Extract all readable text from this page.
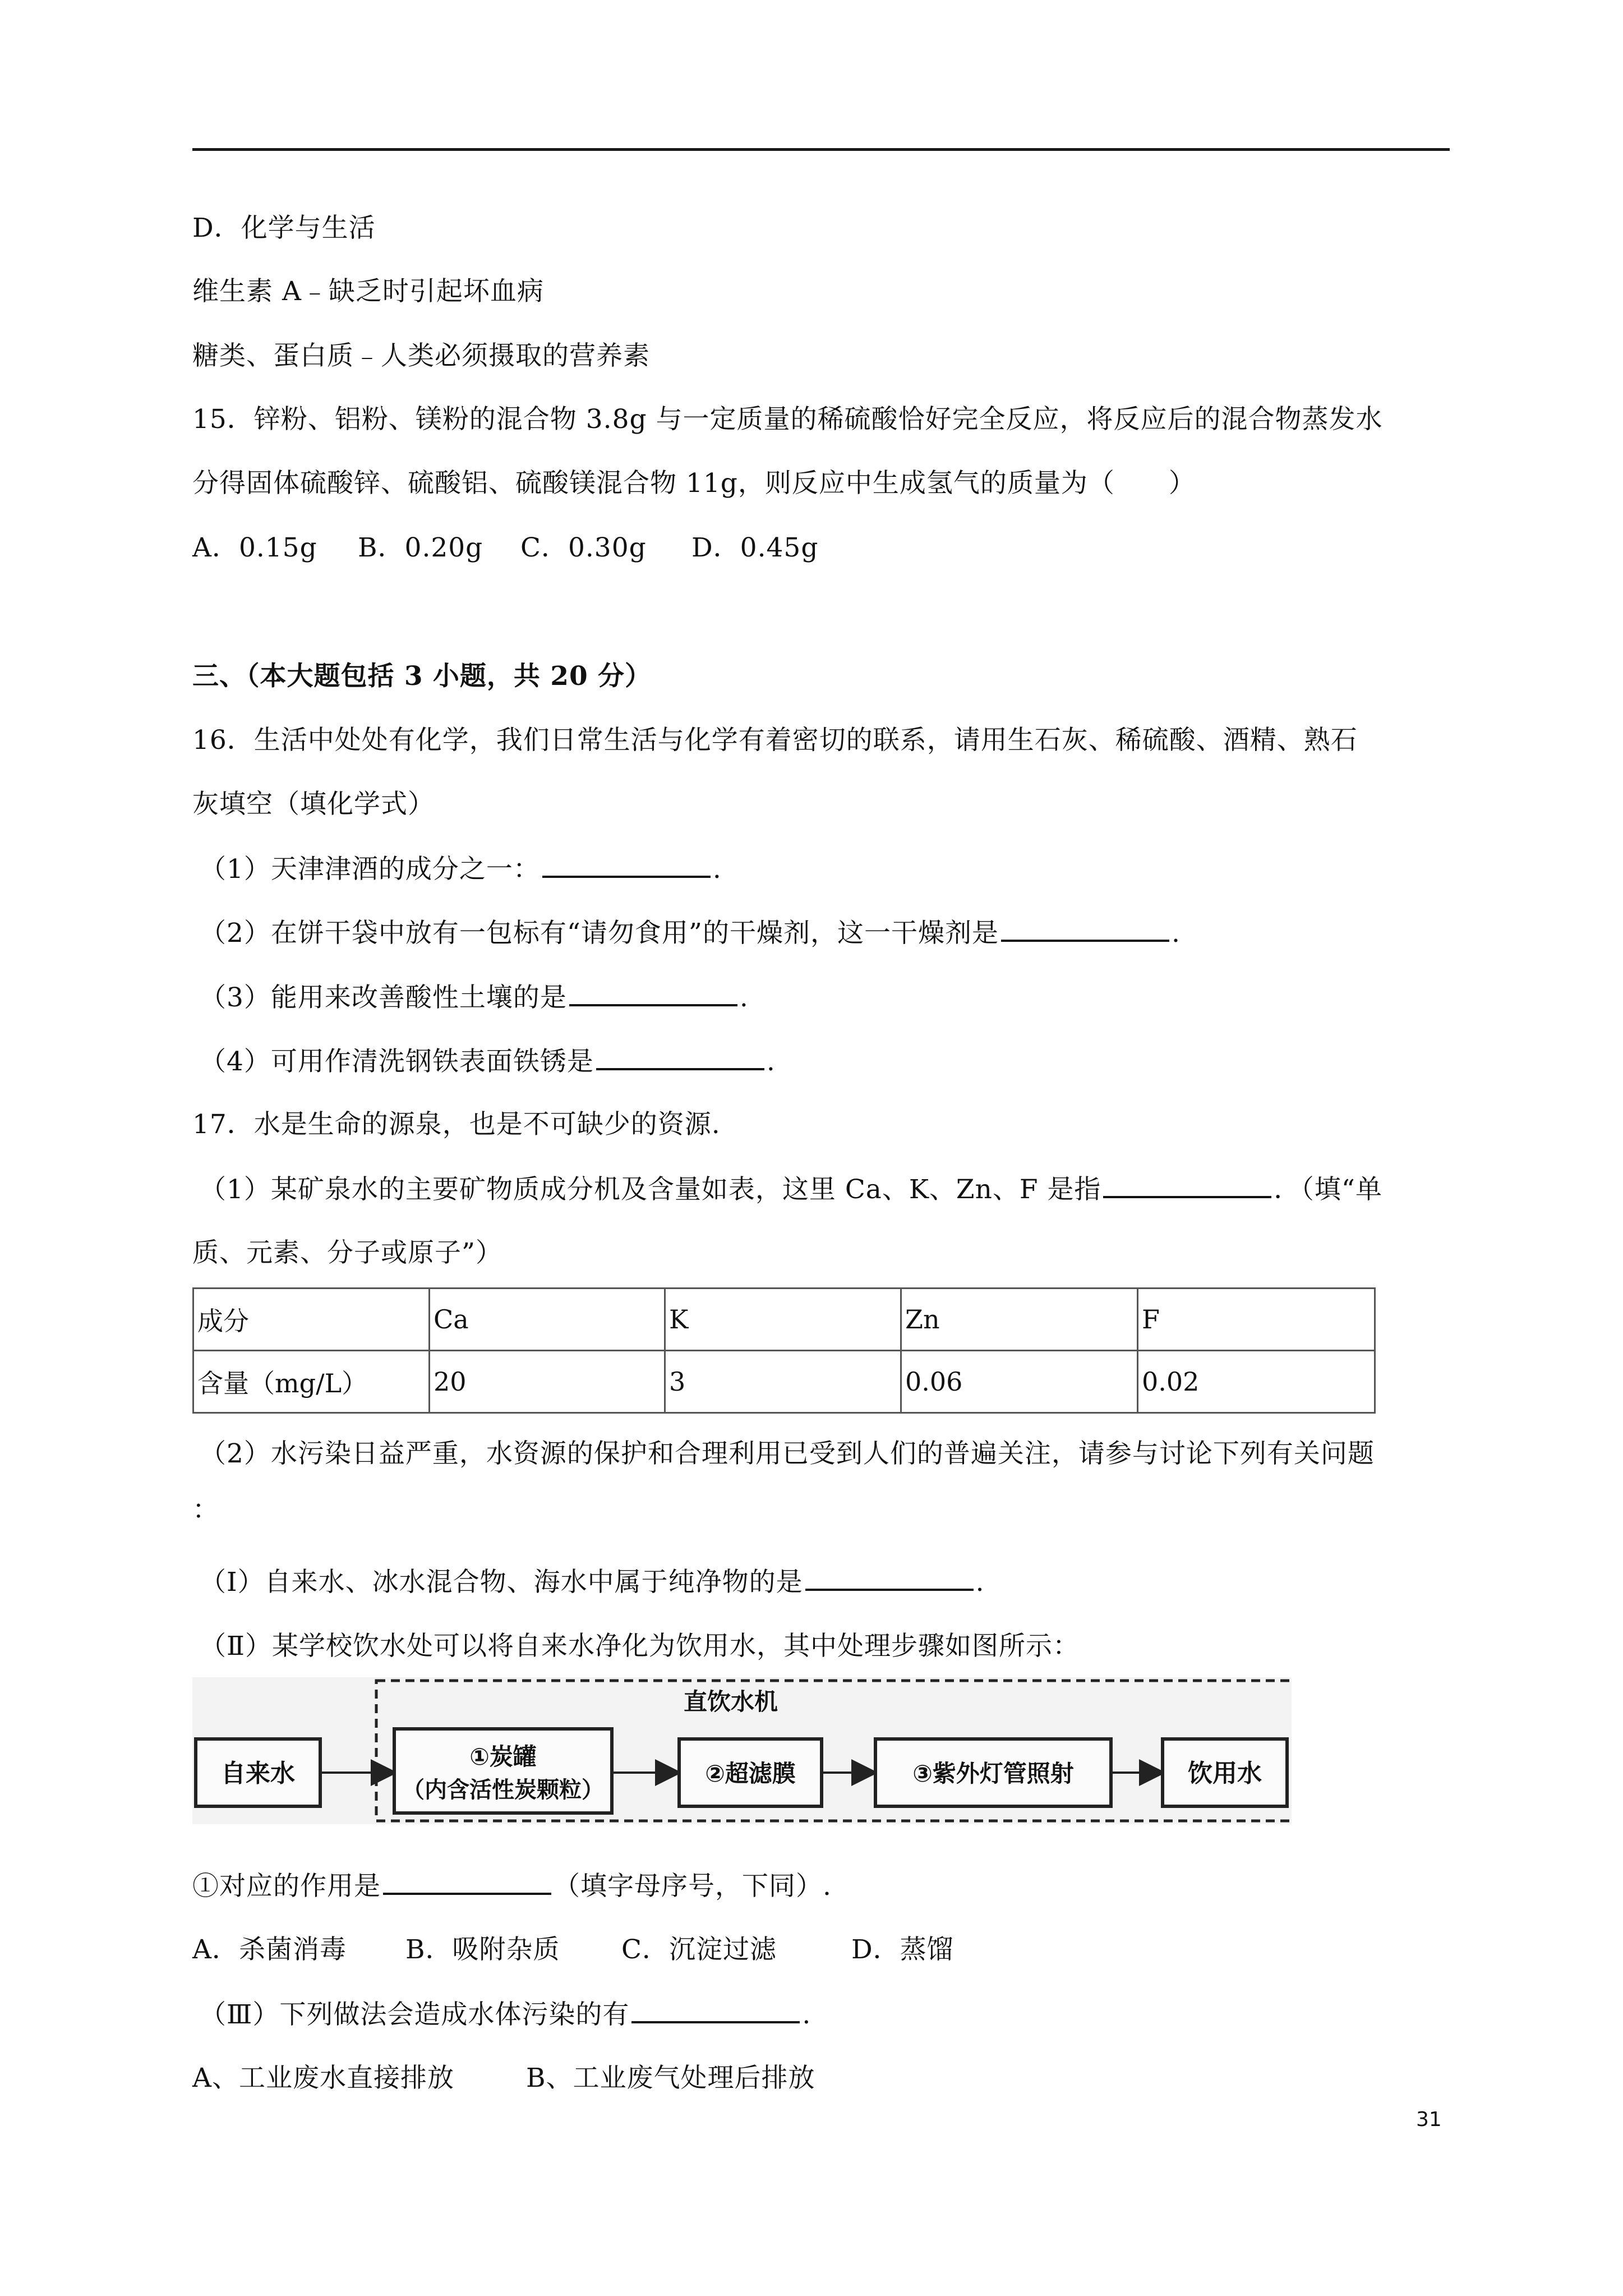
D．化学与生活
维生素 A﹣缺乏时引起坏血病
糖类、蛋白质﹣人类必须摄取的营养素
15．锌粉、铝粉、镁粉的混合物 3.8g 与一定质量的稀硫酸恰好完全反应，将反应后的混合物蒸发水
分得固体硫酸锌、硫酸铝、硫酸镁混合物 11g，则反应中生成氢气的质量为（　　）
A．0.15g B．0.20g C．0.30g D．0.45g
三、（本大题包括 3 小题，共 20 分）
16．生活中处处有化学，我们日常生活与化学有着密切的联系，请用生石灰、稀硫酸、酒精、熟石
灰填空（填化学式）
（1）天津津酒的成分之一：	.
（2）在饼干袋中放有一包标有“请勿食用”的干燥剂，这一干燥剂是	.
（3）能用来改善酸性土壤的是	.
（4）可用作清洗钢铁表面铁锈是	.
17．水是生命的源泉，也是不可缺少的资源.
（1）某矿泉水的主要矿物质成分机及含量如表，这里 Ca、K、Zn、F 是指	．（填“单
质、元素、分子或原子”）
成分	Ca	K	Zn	F
含量（mg/L）	20	3	0.06	0.02
（2）水污染日益严重，水资源的保护和合理利用已受到人们的普遍关注，请参与讨论下列有关问题
：
（Ⅰ）自来水、冰水混合物、海水中属于纯净物的是	.
（Ⅱ）某学校饮水处可以将自来水净化为饮用水，其中处理步骤如图所示：
直饮水机
自来水
①炭罐
（内含活性炭颗粒）
②超滤膜	③紫外灯管照射	饮用水
①对应的作用是	（填字母序号，下同）.
A．杀菌消毒 B．吸附杂质 C．沉淀过滤	D．蒸馏
（Ⅲ）下列做法会造成水体污染的有	.
A、工业废水直接排放	B、工业废气处理后排放
31
